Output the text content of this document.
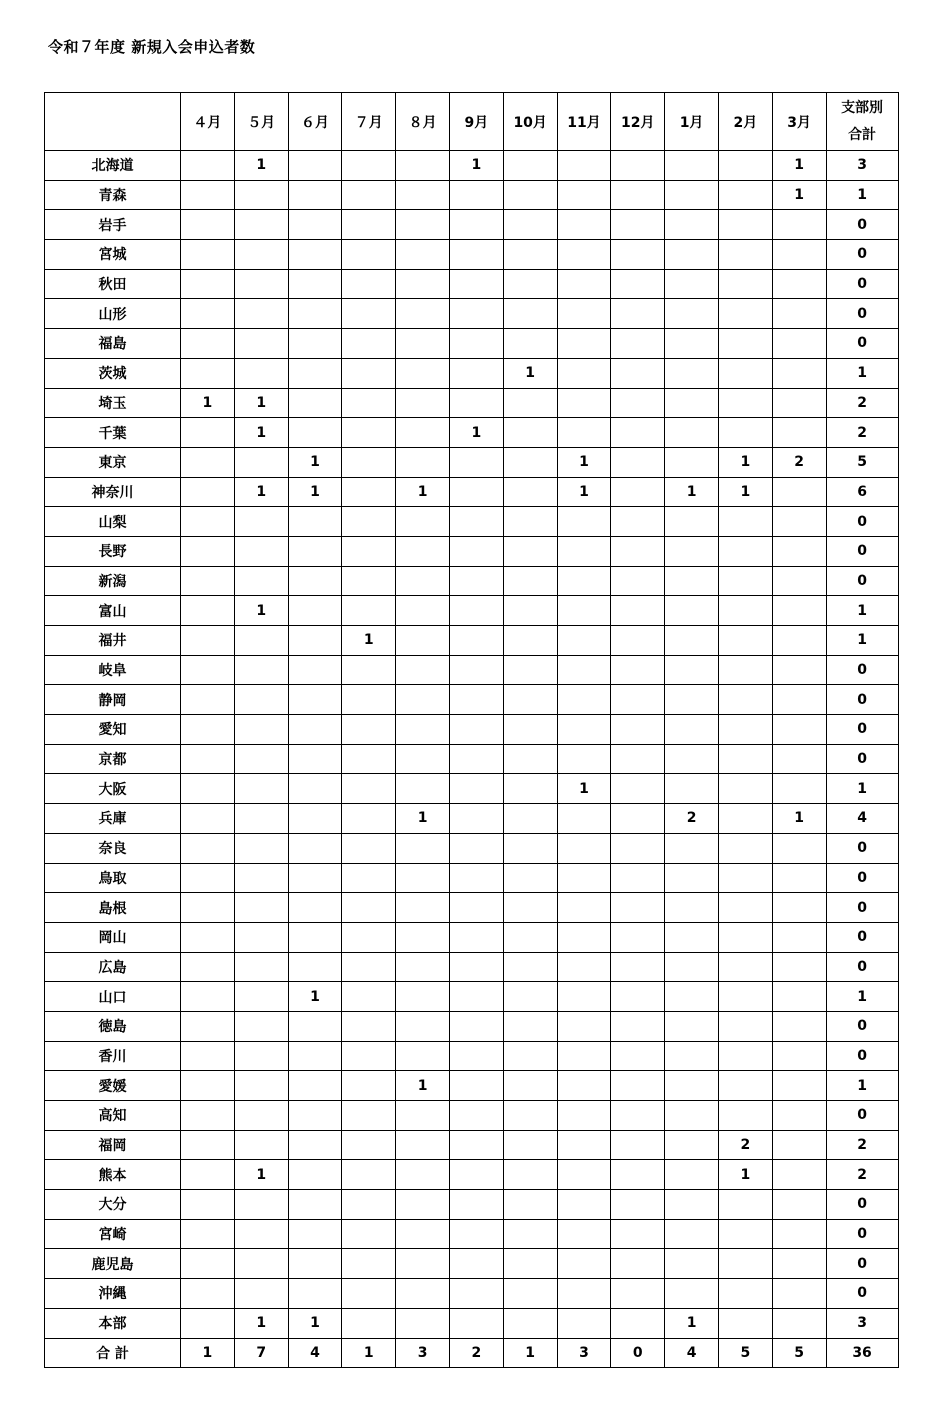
令和７年度 新規入会申込者数
	４月	５月	６月	７月	８月	9月	10月	11月	12月	1月	2月	3月	支部別
合計
北海道		1				1						1	3
青森												1	1
岩手													0
宮城													0
秋田													0
山形													0
福島													0
茨城							1						1
埼玉	1	1											2
千葉		1				1							2
東京			1					1			1	2	5
神奈川		1	1		1			1		1	1		6
山梨													0
長野													0
新潟													0
富山		1											1
福井				1									1
岐阜													0
静岡													0
愛知													0
京都													0
大阪								1					1
兵庫					1					2		1	4
奈良													0
鳥取													0
島根													0
岡山													0
広島													0
山口			1										1
徳島													0
香川													0
愛媛					1								1
高知													0
福岡											2		2
熊本		1									1		2
大分													0
宮崎													0
鹿児島													0
沖縄													0
本部		1	1							1			3
合 計	1	7	4	1	3	2	1	3	0	4	5	5	36
